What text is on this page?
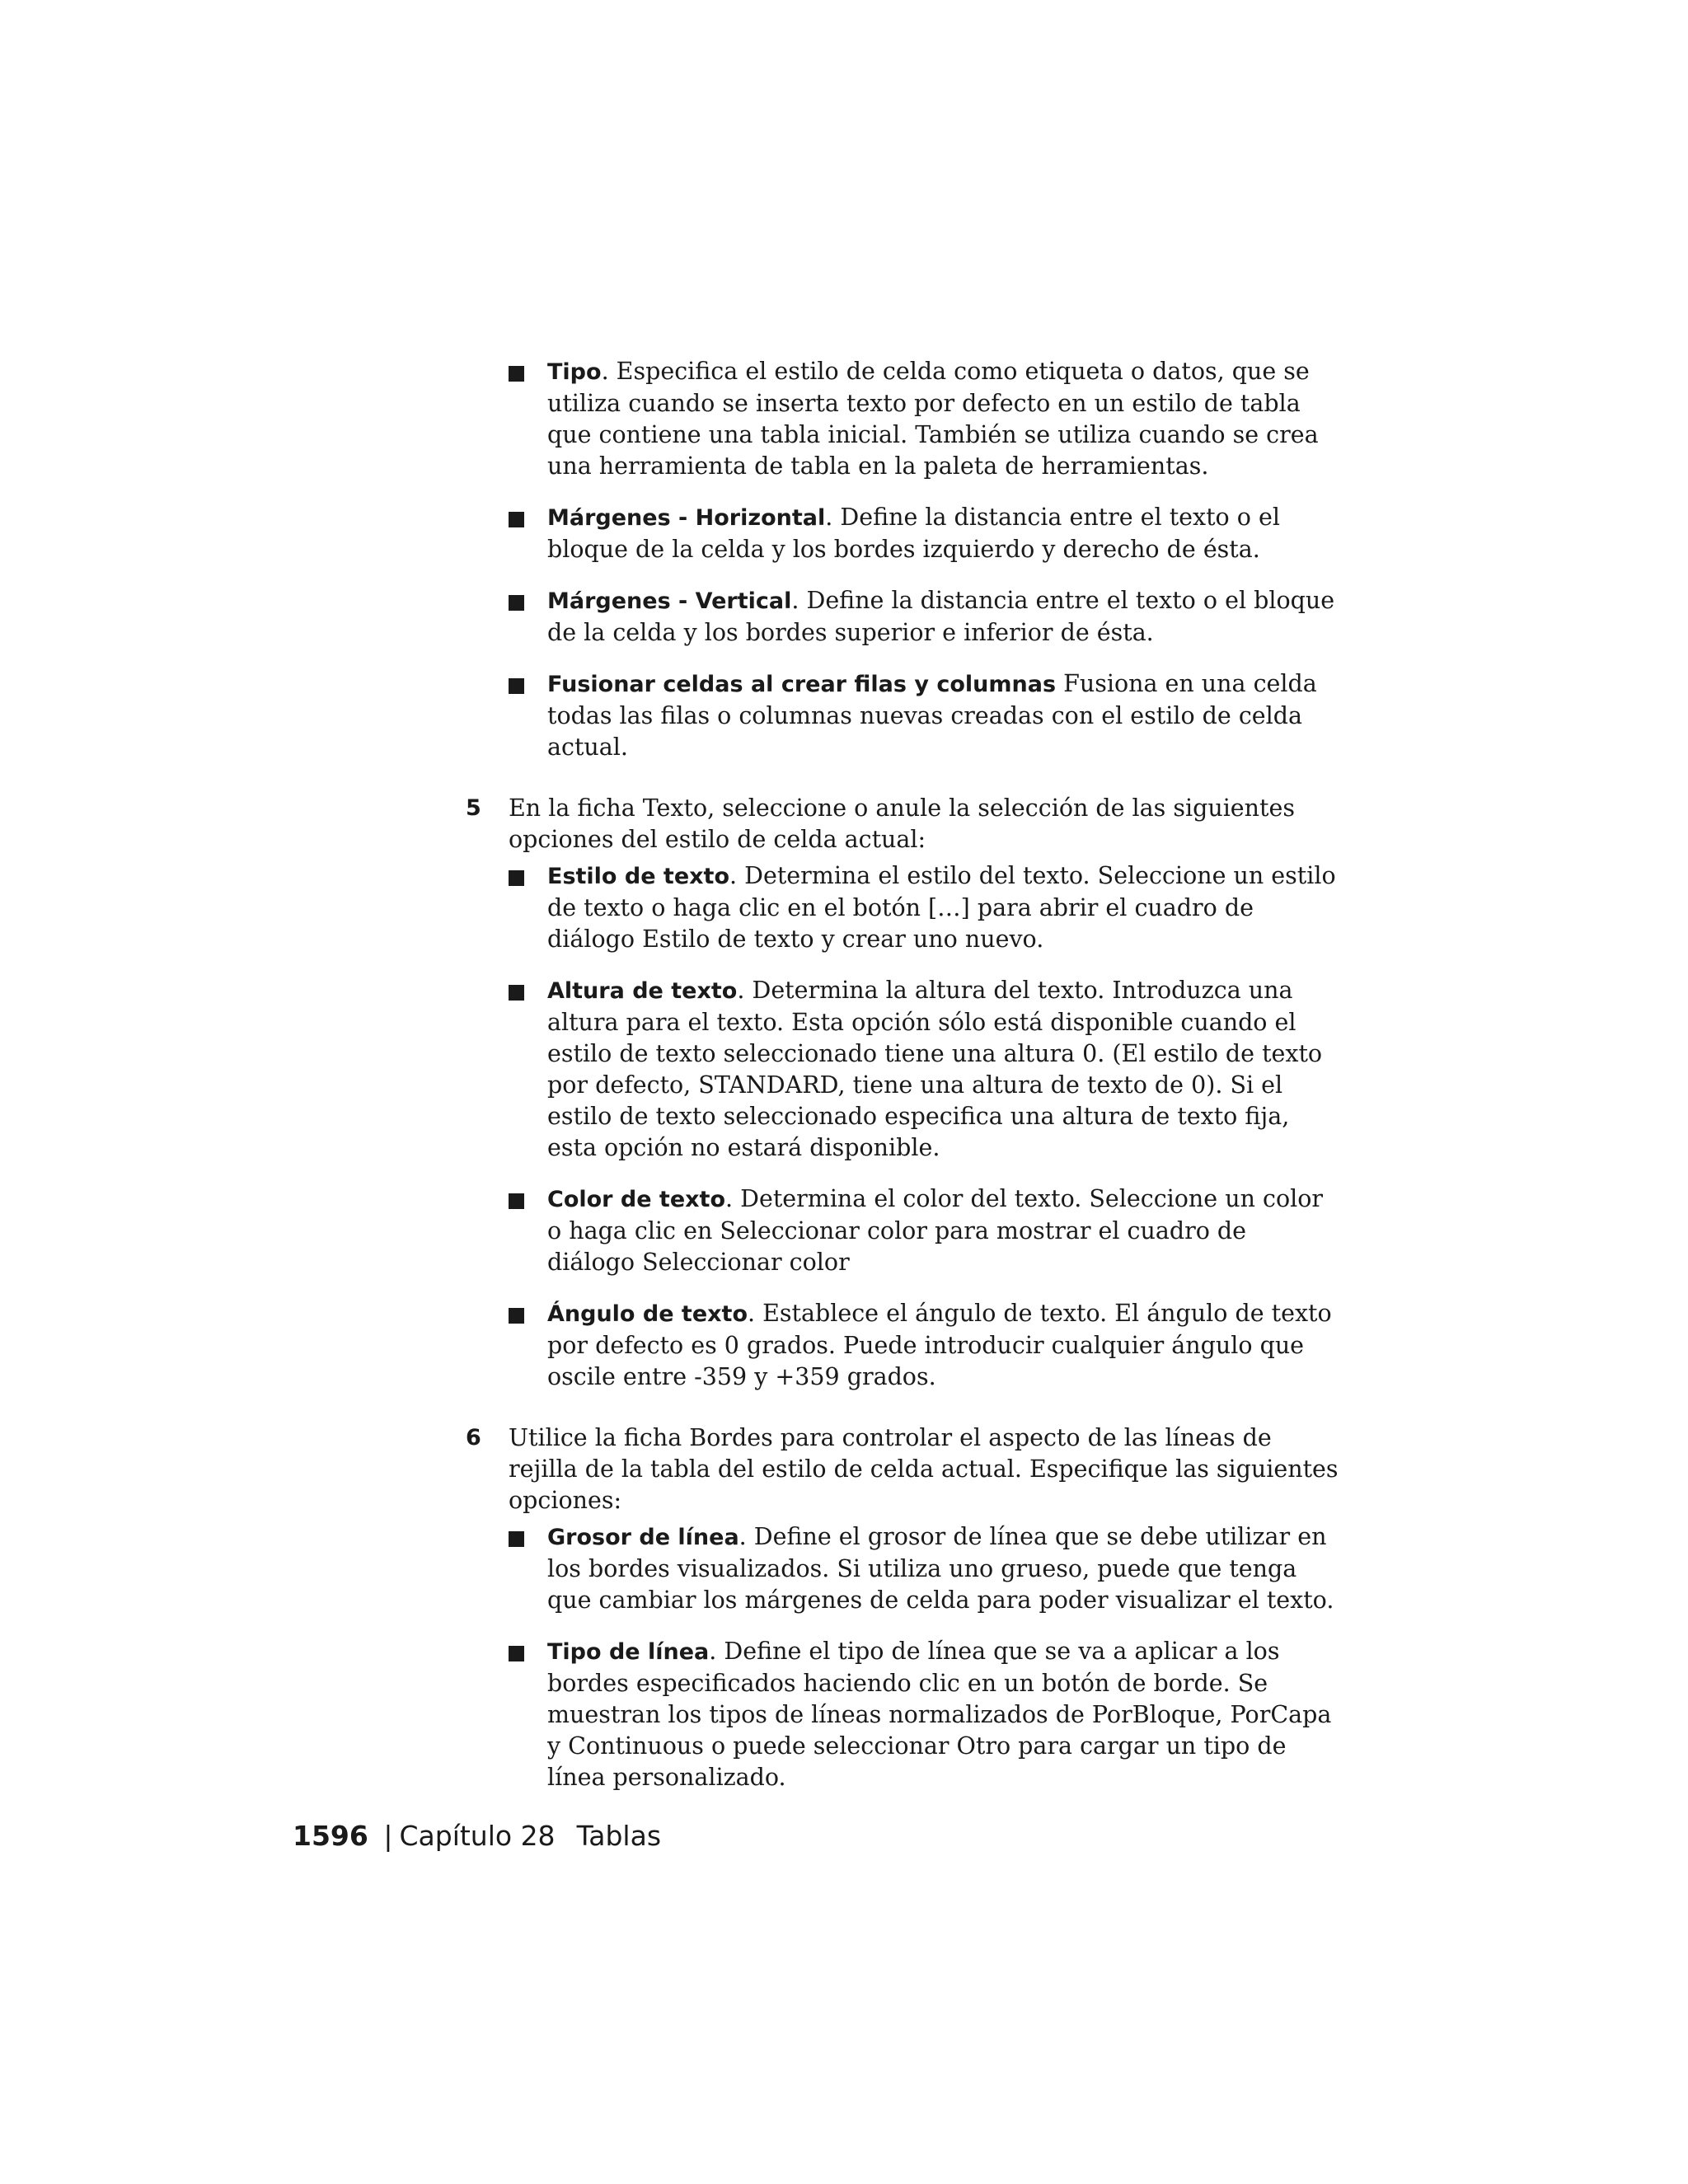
Tipo. Especifica el estilo de celda como etiqueta o datos, que se utiliza cuando se inserta texto por defecto en un estilo de tabla que contiene una tabla inicial. También se utiliza cuando se crea una herramienta de tabla en la paleta de herramientas.
Márgenes - Horizontal. Define la distancia entre el texto o el bloque de la celda y los bordes izquierdo y derecho de ésta.
Márgenes - Vertical. Define la distancia entre el texto o el bloque de la celda y los bordes superior e inferior de ésta.
Fusionar celdas al crear filas y columnas Fusiona en una celda todas las filas o columnas nuevas creadas con el estilo de celda actual.
5 En la ficha Texto, seleccione o anule la selección de las siguientes opciones del estilo de celda actual:

Estilo de texto. Determina el estilo del texto. Seleccione un estilo de texto o haga clic en el botón […] para abrir el cuadro de diálogo Estilo de texto y crear uno nuevo.
Altura de texto. Determina la altura del texto. Introduzca una altura para el texto. Esta opción sólo está disponible cuando el estilo de texto seleccionado tiene una altura 0. (El estilo de texto por defecto, STANDARD, tiene una altura de texto de 0). Si el estilo de texto seleccionado especifica una altura de texto fija, esta opción no estará disponible.
Color de texto. Determina el color del texto. Seleccione un color o haga clic en Seleccionar color para mostrar el cuadro de diálogo Seleccionar color
Ángulo de texto. Establece el ángulo de texto. El ángulo de texto por defecto es 0 grados. Puede introducir cualquier ángulo que oscile entre -359 y +359 grados.
6 Utilice la ficha Bordes para controlar el aspecto de las líneas de rejilla de la tabla del estilo de celda actual. Especifique las siguientes opciones:

Grosor de línea. Define el grosor de línea que se debe utilizar en los bordes visualizados. Si utiliza uno grueso, puede que tenga que cambiar los márgenes de celda para poder visualizar el texto.
Tipo de línea. Define el tipo de línea que se va a aplicar a los bordes especificados haciendo clic en un botón de borde. Se muestran los tipos de líneas normalizados de PorBloque, PorCapa y Continuous o puede seleccionar Otro para cargar un tipo de línea personalizado.
1596 | Capítulo 28 Tablas
